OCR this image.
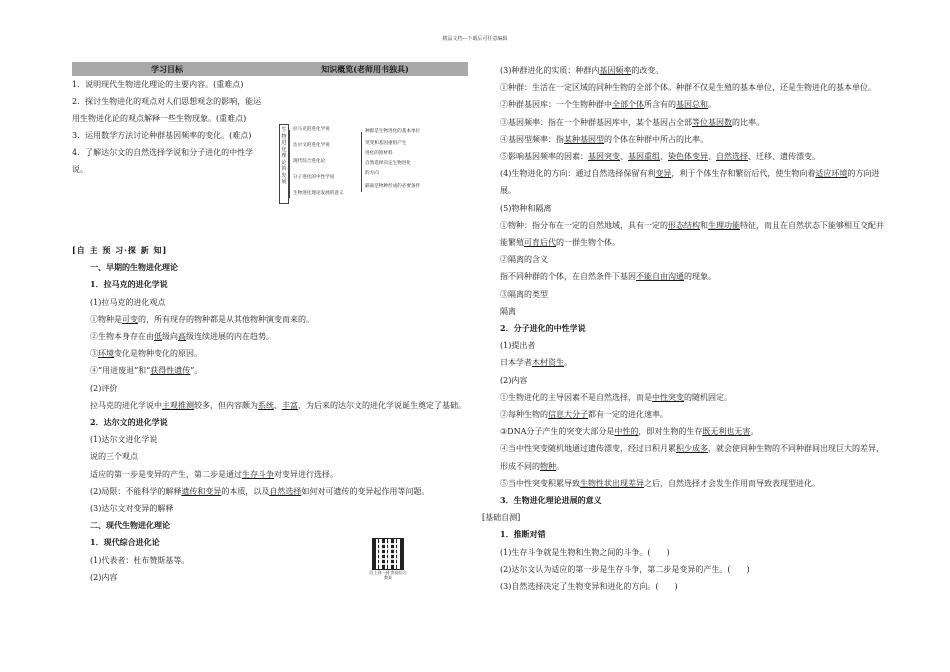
精品文档---下载后可任意编辑
学习目标	知识概览(老师用书独具)

1．说明现代生物进化理论的主要内容。(重难点)

2．探讨生物进化的观点对人们思想观念的影响，能运用生物进化论的观点解释一些生物现象。(重难点)

3．运用数学方法讨论种群基因频率的变化。(难点)

4．了解达尔文的自然选择学说和分子进化的中性学说。

生物进化理论的发展
拉马克的进化学说
达尔文的进化学说
现代综合进化论
分子进化的中性学说
生物进化理论发展的意义
种群是生物进化的基本单位
突变和基因重组产生
进化的原材料
自然选择决定生物进化
的方向
隔离是物种形成的必要条件

[自 主 预 习·探 新 知]

一、早期的生物进化理论

1．拉马克的进化学说

(1)拉马克的进化观点

①物种是可变的，所有现存的物种都是从其他物种演变而来的。

②生物本身存在由低级向高级连续进展的内在趋势。

③环境变化是物种变化的原因。

④“用进废退”和“获得性遗传”。

(2)评价

拉马克的进化学说中主观推测较多，但内容颇为系统、丰富，为后来的达尔文的进化学说诞生奠定了基础。

2．达尔文的进化学说

(1)达尔文进化学说

说的三个观点

适应的第一步是变异的产生，第二步是通过生存斗争对变异进行选择。

(2)局限：不能科学的解释遗传和变异的本质，以及自然选择如何对可遗传的变异起作用等问题。

(3)达尔文对变异的解释

二、现代生物进化理论

1．现代综合进化论

(1)代表者：杜布赞斯基等。

(2)内容

回上到一到 查阅综合教案

(3)种群进化的实质：种群内基因频率的改变。

①种群：生活在一定区域的同种生物的全部个体。种群不仅是生殖的基本单位，还是生物进化的基本单位。

②种群基因库：一个生物种群中全部个体所含有的基因总和。

③基因频率：指在一个种群基因库中，某个基因占全部等位基因数的比率。

④基因型频率：指某种基因型的个体在种群中所占的比率。

⑤影响基因频率的因素：基因突变、基因重组、染色体变异、自然选择、迁移、遗传漂变。

(4)生物进化的方向：通过自然选择保留有利变异，利于个体生存和繁衍后代，使生物向着适应环境的方向进展。

(5)物种和隔离

①物种：指分布在一定的自然地域，具有一定的形态结构和生理功能特征，而且在自然状态下能够相互交配并能繁殖可育后代的一群生物个体。

②隔离的含义

指不同种群的个体，在自然条件下基因不能自由沟通的现象。

③隔离的类型

隔离

2．分子进化的中性学说

(1)提出者

日本学者木村资生。

(2)内容

①生物进化的主导因素不是自然选择，而是中性突变的随机固定。

②每种生物的信息大分子都有一定的进化速率。

③DNA分子产生的突变大部分是中性的，即对生物的生存既无利也无害。

④当中性突变随机地通过遗传漂变，经过日积月累积少成多，就会使同种生物的不同种群间出现巨大的差异，形成不同的物种。

⑤当中性突变积累导致生物性状出现差异之后，自然选择才会发生作用而导致表现型进化。

3．生物进化理论进展的意义

[基础自测]

1．推断对错

(1)生存斗争就是生物和生物之间的斗争。(　　)

(2)达尔文认为适应的第一步是生存斗争，第二步是变异的产生。(　　)

(3)自然选择决定了生物变异和进化的方向。(　　)
